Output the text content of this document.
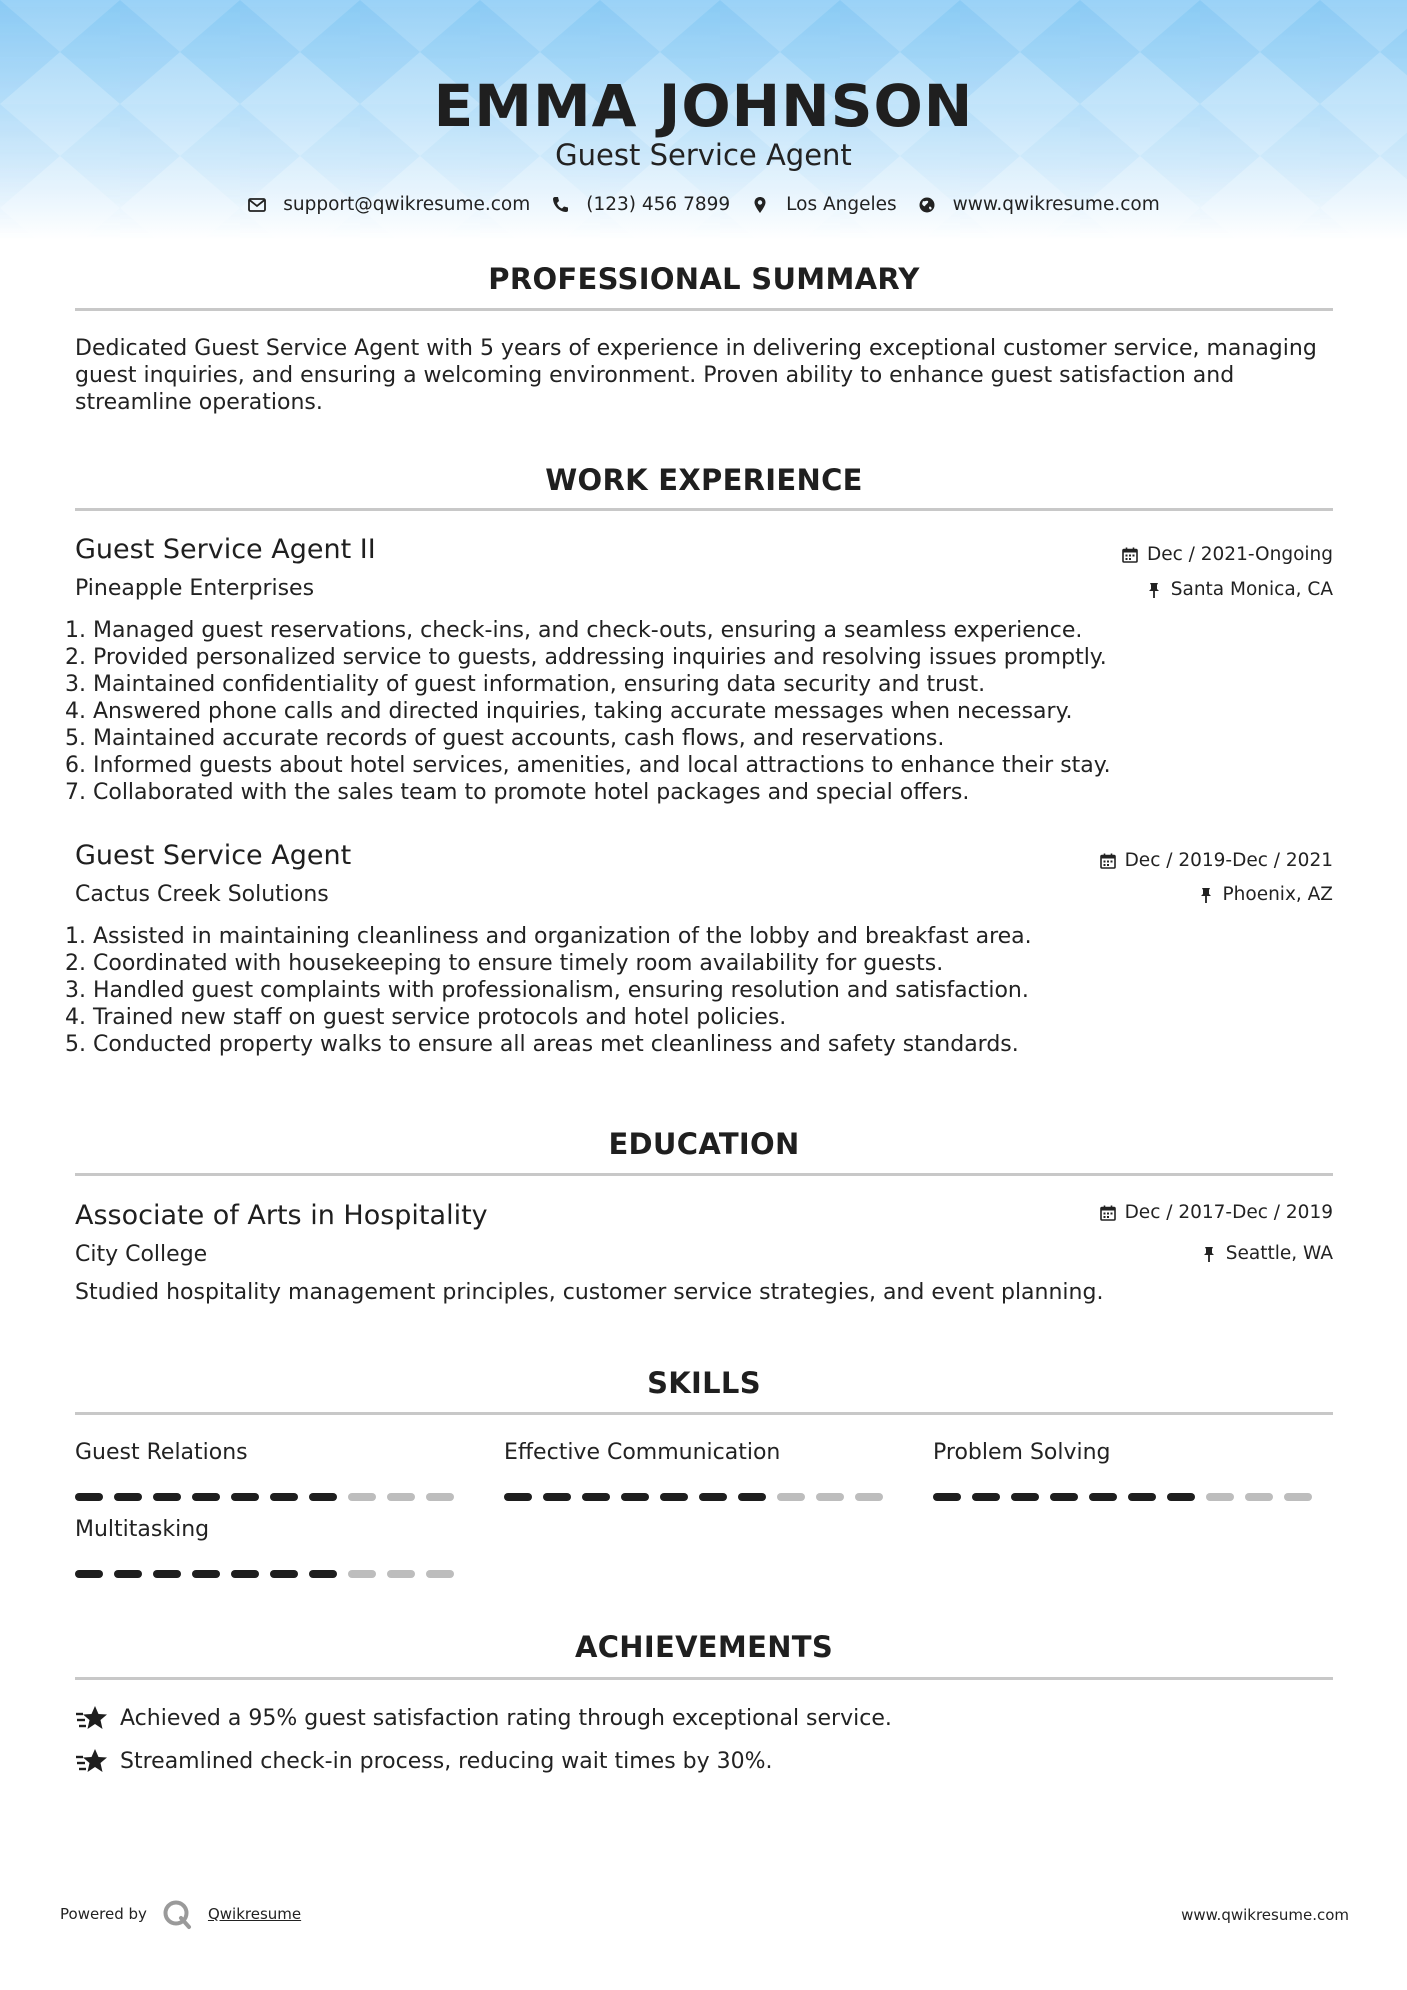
EMMA JOHNSON
Guest Service Agent
support@qwikresume.com	(123) 456 7899	Los Angeles	www.qwikresume.com
PROFESSIONAL SUMMARY
Dedicated Guest Service Agent with 5 years of experience in delivering exceptional customer service, managing guest inquiries, and ensuring a welcoming environment. Proven ability to enhance guest satisfaction and streamline operations.
WORK EXPERIENCE
Guest Service Agent II	Dec / 2021-Ongoing
Pineapple Enterprises	Santa Monica, CA
1. Managed guest reservations, check-ins, and check-outs, ensuring a seamless experience.
2. Provided personalized service to guests, addressing inquiries and resolving issues promptly.
3. Maintained confidentiality of guest information, ensuring data security and trust.
4. Answered phone calls and directed inquiries, taking accurate messages when necessary.
5. Maintained accurate records of guest accounts, cash flows, and reservations.
6. Informed guests about hotel services, amenities, and local attractions to enhance their stay.
7. Collaborated with the sales team to promote hotel packages and special offers.
Guest Service Agent	Dec / 2019-Dec / 2021
Cactus Creek Solutions	Phoenix, AZ
1. Assisted in maintaining cleanliness and organization of the lobby and breakfast area.
2. Coordinated with housekeeping to ensure timely room availability for guests.
3. Handled guest complaints with professionalism, ensuring resolution and satisfaction.
4. Trained new staff on guest service protocols and hotel policies.
5. Conducted property walks to ensure all areas met cleanliness and safety standards.
EDUCATION
Associate of Arts in Hospitality	Dec / 2017-Dec / 2019
City College	Seattle, WA
Studied hospitality management principles, customer service strategies, and event planning.
SKILLS
Guest Relations	Effective Communication	Problem Solving
Multitasking
ACHIEVEMENTS
Achieved a 95% guest satisfaction rating through exceptional service.
Streamlined check-in process, reducing wait times by 30%.
Powered by	Qwikresume	www.qwikresume.com
